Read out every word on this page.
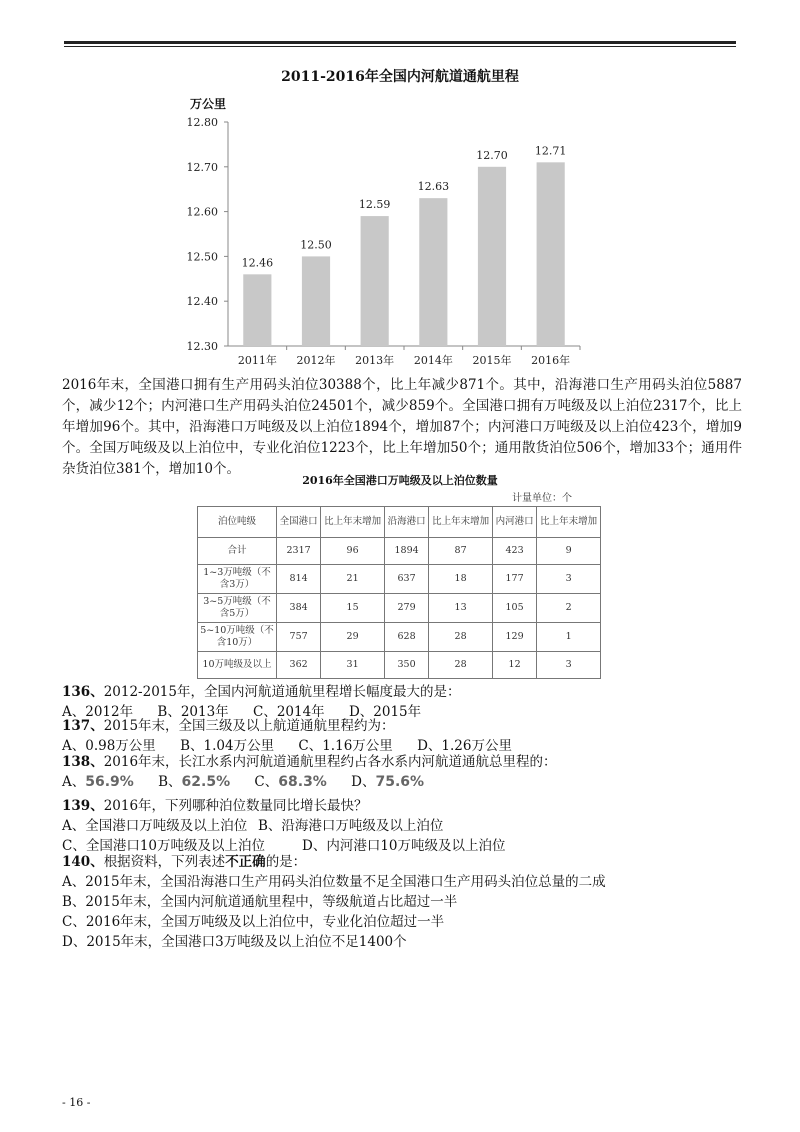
2011-2016年全国内河航道通航里程
万公里
12.30
12.40
12.50
12.60
12.70
12.80
12.46
2011年
12.50
2012年
12.59
2013年
12.63
2014年
12.70
2015年
12.71
2016年
2016年末，全国港口拥有生产用码头泊位30388个，比上年减少871个。其中，沿海港口生产用码头泊位5887个，减少12个；内河港口生产用码头泊位24501个，减少859个。全国港口拥有万吨级及以上泊位2317个，比上年增加96个。其中，沿海港口万吨级及以上泊位1894个，增加87个；内河港口万吨级及以上泊位423个，增加9个。全国万吨级及以上泊位中，专业化泊位1223个，比上年增加50个；通用散货泊位506个，增加33个；通用件杂货泊位381个，增加10个。
2016年全国港口万吨级及以上泊位数量
计量单位：个
泊位吨级	全国港口	比上年末增加	沿海港口	比上年末增加	内河港口	比上年末增加
合计	2317	96	1894	87	423	9
1~3万吨级（不含3万）	814	21	637	18	177	3
3~5万吨级（不含5万）	384	15	279	13	105	2
5~10万吨级（不含10万）	757	29	628	28	129	1
10万吨级及以上	362	31	350	28	12	3
136、2012-2015年，全国内河航道通航里程增长幅度最大的是：
A、2012年 B、2013年 C、2014年 D、2015年
137、2015年末，全国三级及以上航道通航里程约为：
A、0.98万公里 B、1.04万公里 C、1.16万公里 D、1.26万公里
138、2016年末，长江水系内河航道通航里程约占各水系内河航道通航总里程的：
A、56.9% B、62.5% C、68.3% D、75.6%
139、2016年，下列哪种泊位数量同比增长最快？
A、全国港口万吨级及以上泊位 B、沿海港口万吨级及以上泊位
C、全国港口10万吨级及以上泊位	D、内河港口10万吨级及以上泊位
140、根据资料，下列表述不正确的是：
A、2015年末，全国沿海港口生产用码头泊位数量不足全国港口生产用码头泊位总量的二成
B、2015年末，全国内河航道通航里程中，等级航道占比超过一半
C、2016年末，全国万吨级及以上泊位中，专业化泊位超过一半
D、2015年末，全国港口3万吨级及以上泊位不足1400个
- 16 -
